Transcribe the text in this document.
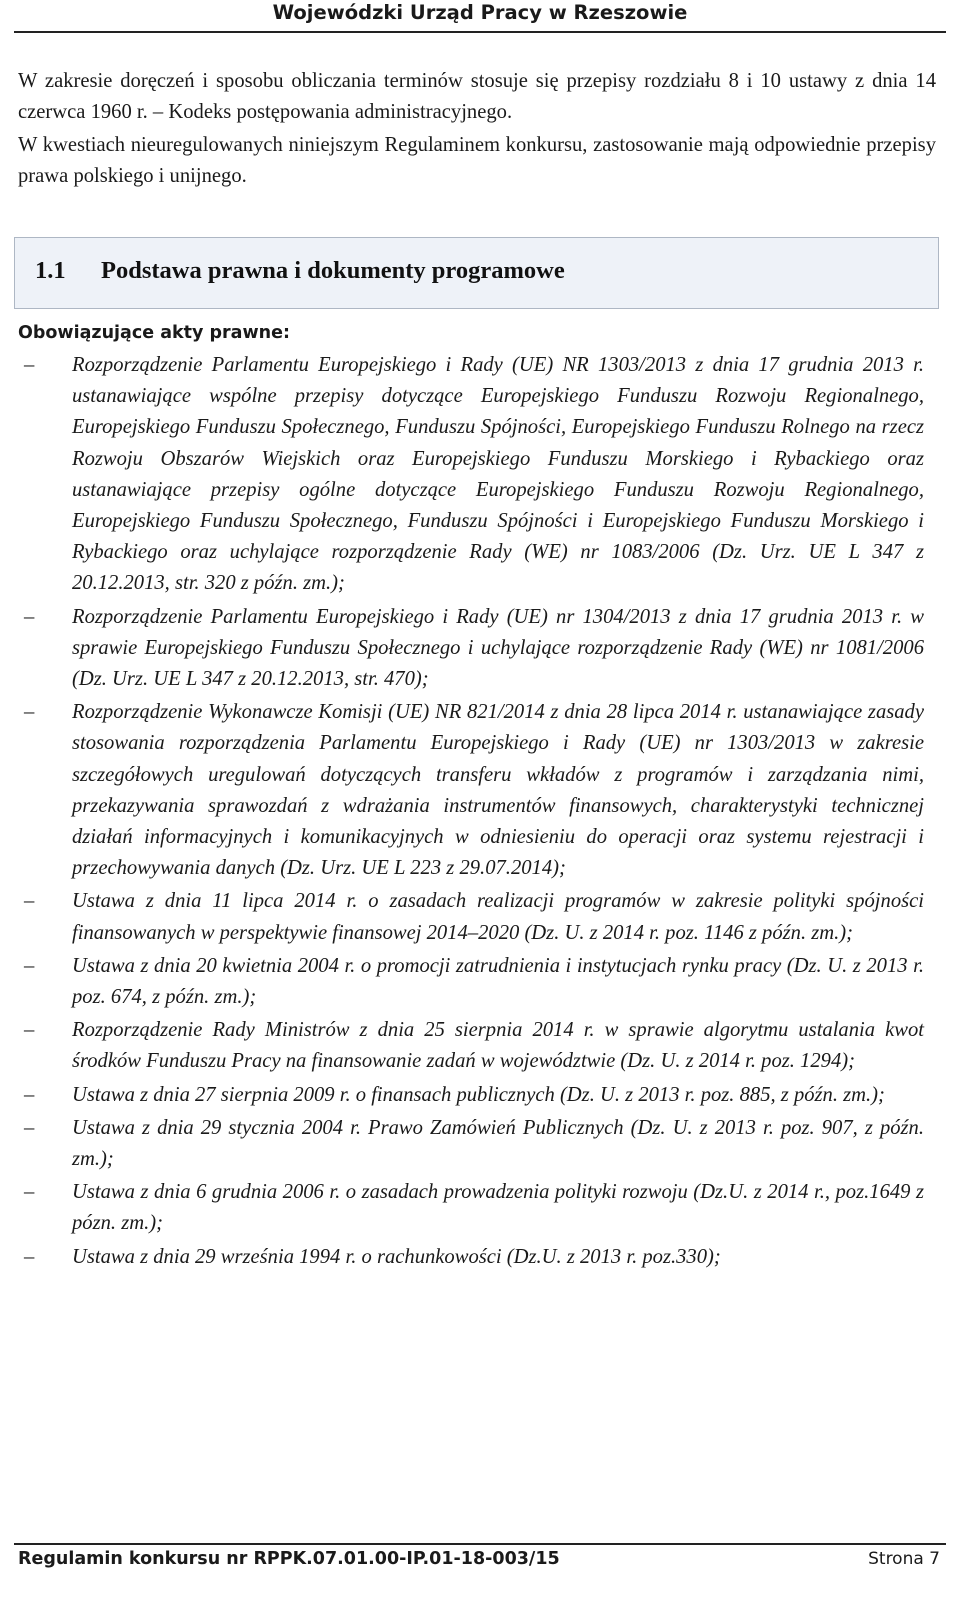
Wojewódzki Urząd Pracy w Rzeszowie

W zakresie doręczeń i sposobu obliczania terminów stosuje się przepisy rozdziału 8 i 10 ustawy z dnia 14 czerwca 1960 r. – Kodeks postępowania administracyjnego.

W kwestiach nieuregulowanych niniejszym Regulaminem konkursu, zastosowanie mają odpowiednie przepisy prawa polskiego i unijnego.

1.1 Podstawa prawna i dokumenty programowe
Obowiązujące akty prawne:
–	Rozporządzenie Parlamentu Europejskiego i Rady (UE) NR 1303/2013 z dnia 17 grudnia 2013 r. ustanawiające wspólne przepisy dotyczące Europejskiego Funduszu Rozwoju Regionalnego, Europejskiego Funduszu Społecznego, Funduszu Spójności, Europejskiego Funduszu Rolnego na rzecz Rozwoju Obszarów Wiejskich oraz Europejskiego Funduszu Morskiego i Rybackiego oraz ustanawiające przepisy ogólne dotyczące Europejskiego Funduszu Rozwoju Regionalnego, Europejskiego Funduszu Społecznego, Funduszu Spójności i Europejskiego Funduszu Morskiego i Rybackiego oraz uchylające rozporządzenie Rady (WE) nr 1083/2006 (Dz. Urz. UE L 347 z 20.12.2013, str. 320 z późn. zm.);
–	Rozporządzenie Parlamentu Europejskiego i Rady (UE) nr 1304/2013 z dnia 17 grudnia 2013 r. w sprawie Europejskiego Funduszu Społecznego i uchylające rozporządzenie Rady (WE) nr 1081/2006 (Dz. Urz. UE L 347 z 20.12.2013, str. 470);
–	Rozporządzenie Wykonawcze Komisji (UE) NR 821/2014 z dnia 28 lipca 2014 r. ustanawiające zasady stosowania rozporządzenia Parlamentu Europejskiego i Rady (UE) nr 1303/2013 w zakresie szczegółowych uregulowań dotyczących transferu wkładów z programów i zarządzania nimi, przekazywania sprawozdań z wdrażania instrumentów finansowych, charakterystyki technicznej działań informacyjnych i komunikacyjnych w odniesieniu do operacji oraz systemu rejestracji i przechowywania danych (Dz. Urz. UE L 223 z 29.07.2014);
–	Ustawa z dnia 11 lipca 2014 r. o zasadach realizacji programów w zakresie polityki spójności finansowanych w perspektywie finansowej 2014–2020 (Dz. U. z 2014 r. poz. 1146 z późn. zm.);
–	Ustawa z dnia 20 kwietnia 2004 r. o promocji zatrudnienia i instytucjach rynku pracy (Dz. U. z 2013 r. poz. 674, z późn. zm.);
–	Rozporządzenie Rady Ministrów z dnia 25 sierpnia 2014 r. w sprawie algorytmu ustalania kwot środków Funduszu Pracy na finansowanie zadań w województwie (Dz. U. z 2014 r. poz. 1294);
–	Ustawa z dnia 27 sierpnia 2009 r. o finansach publicznych (Dz. U. z 2013 r. poz. 885, z późn. zm.);
–	Ustawa z dnia 29 stycznia 2004 r. Prawo Zamówień Publicznych (Dz. U. z 2013 r. poz. 907, z późn. zm.);
–	Ustawa z dnia 6 grudnia 2006 r. o zasadach prowadzenia polityki rozwoju (Dz.U. z 2014 r., poz.1649 z pózn. zm.);
–	Ustawa z dnia 29 września 1994 r. o rachunkowości (Dz.U. z 2013 r. poz.330);
Regulamin konkursu nr RPPK.07.01.00-IP.01-18-003/15	Strona 7
